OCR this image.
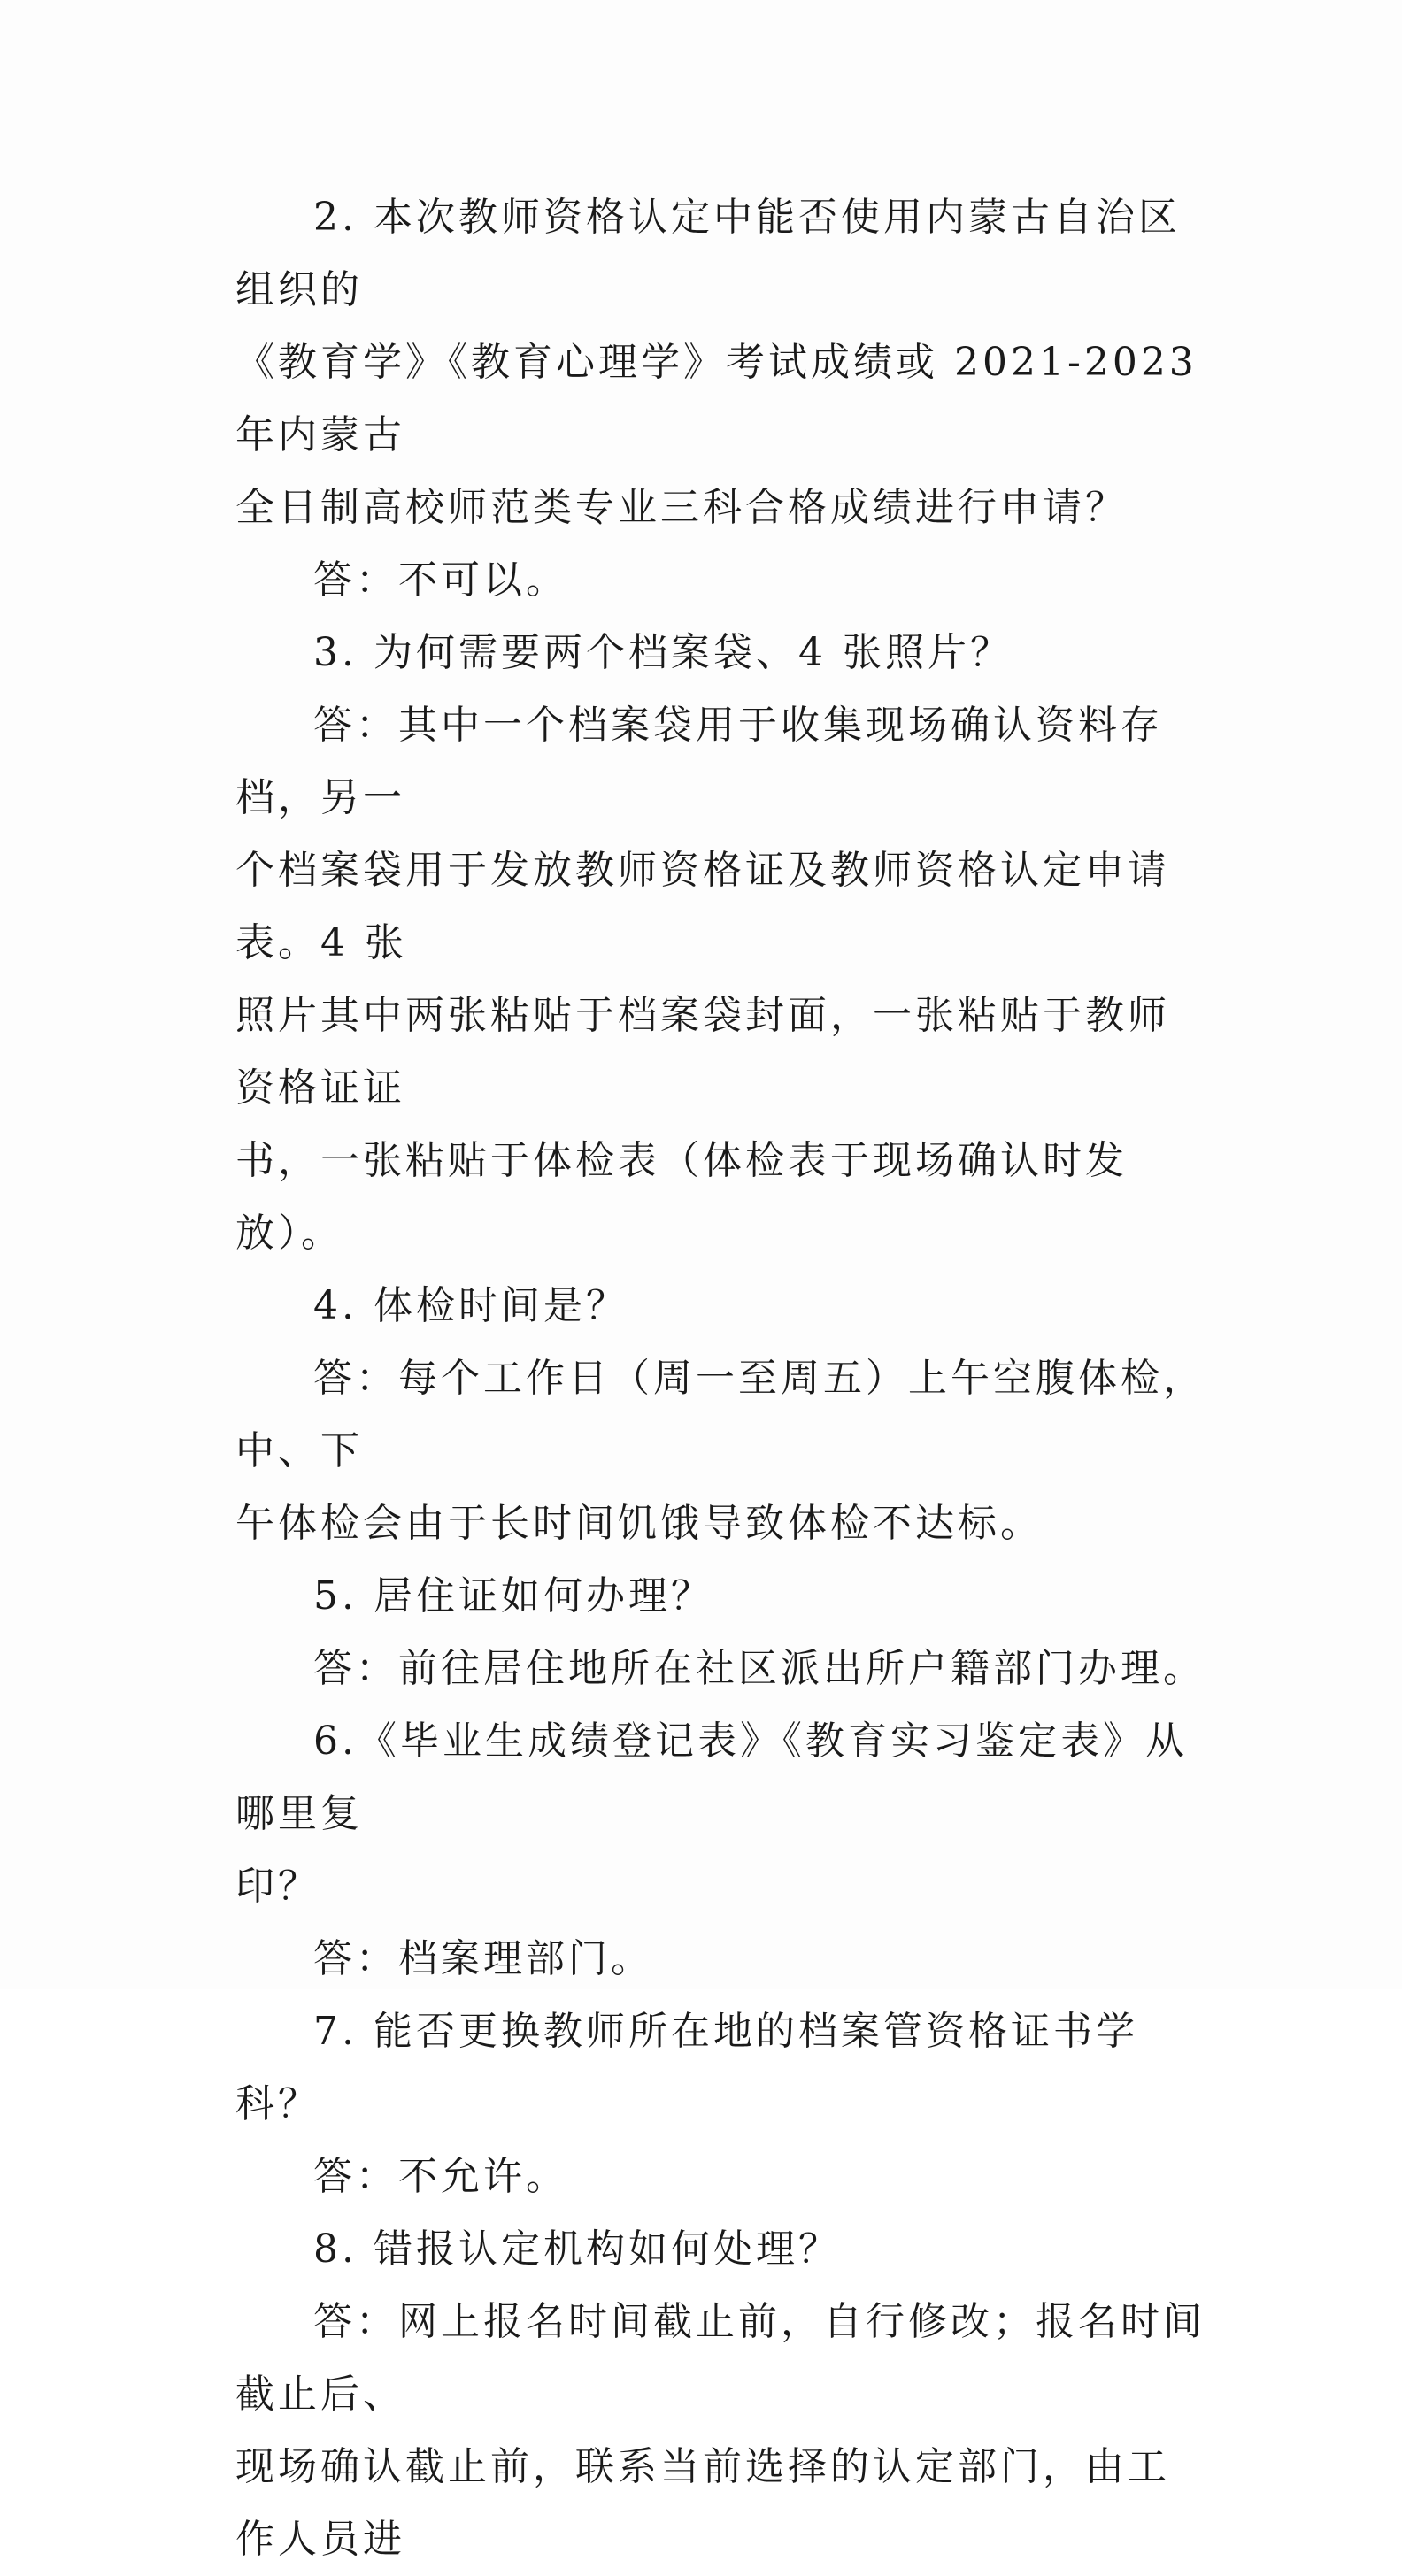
2. 本次教师资格认定中能否使用内蒙古自治区组织的
《教育学》《教育心理学》考试成绩或 2021-2023 年内蒙古
全日制高校师范类专业三科合格成绩进行申请？

答：不可以。

3. 为何需要两个档案袋、4 张照片？

答：其中一个档案袋用于收集现场确认资料存档，另一
个档案袋用于发放教师资格证及教师资格认定申请表。4 张
照片其中两张粘贴于档案袋封面，一张粘贴于教师资格证证
书，一张粘贴于体检表（体检表于现场确认时发放）。

4. 体检时间是？

答：每个工作日（周一至周五）上午空腹体检，中、下
午体检会由于长时间饥饿导致体检不达标。

5. 居住证如何办理？

答：前往居住地所在社区派出所户籍部门办理。

6.《毕业生成绩登记表》《教育实习鉴定表》从哪里复
印？

答：档案理部门。

7. 能否更换教师所在地的档案管资格证书学科？

答：不允许。

8. 错报认定机构如何处理？

答：网上报名时间截止前，自行修改；报名时间截止后、
现场确认截止前，联系当前选择的认定部门，由工作人员进
